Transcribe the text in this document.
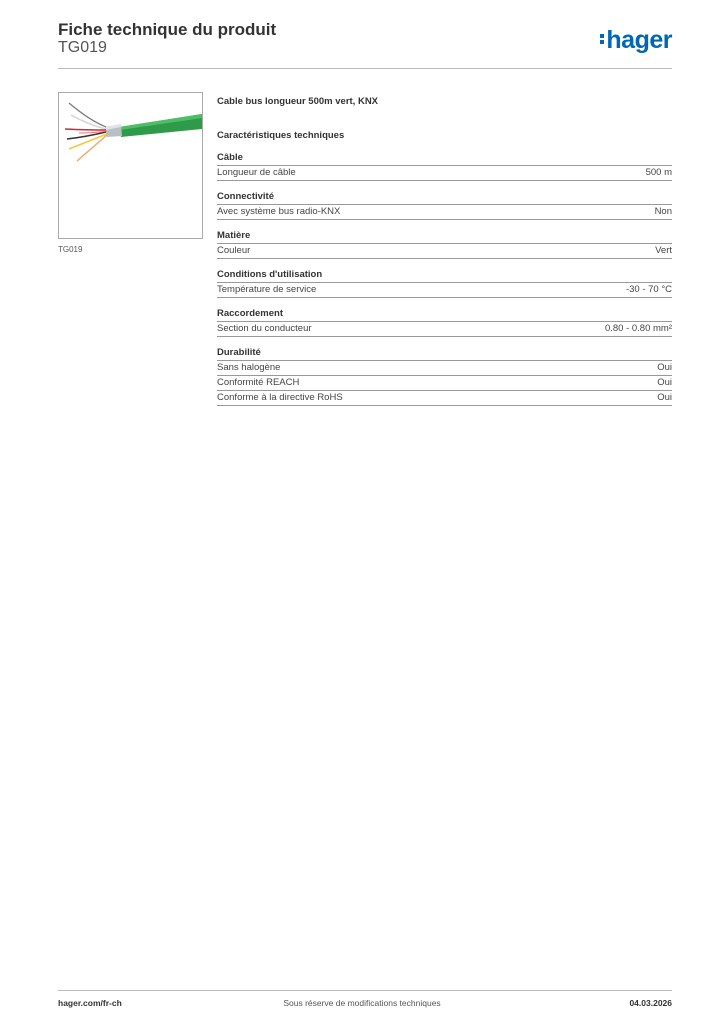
Fiche technique du produit
TG019	hager
TG019
Cable bus longueur 500m vert, KNX
Caractéristiques techniques
Câble
Longueur de câble	500 m
Connectivité
Avec système bus radio-KNX	Non
Matière
Couleur	Vert
Conditions d'utilisation
Température de service	-30 - 70 °C
Raccordement
Section du conducteur	0.80 - 0.80 mm²
Durabilité
Sans halogène	Oui
Conformité REACH	Oui
Conforme à la directive RoHS	Oui
hager.com/fr-ch	Sous réserve de modifications techniques	04.03.2026
